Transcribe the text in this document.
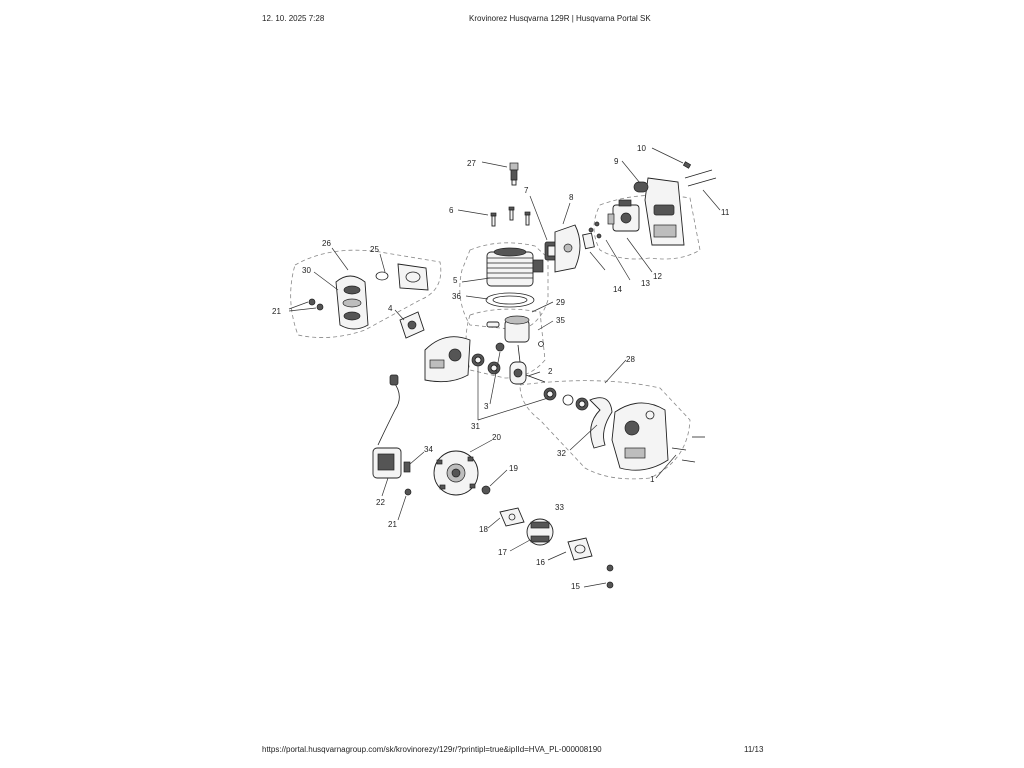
12. 10. 2025 7:28	Krovinorez Husqvarna 129R | Husqvarna Portal SK
27
10
9
7
8
6	11
26
25
12
30
5	13
14
36
29
4
21
35
28
2
3
31
20
34	32
19
1
22
33
21
18
17
16
15
https://portal.husqvarnagroup.com/sk/krovinorezy/129r/?printipl=true&ipIId=HVA_PL-000008190	11/13
